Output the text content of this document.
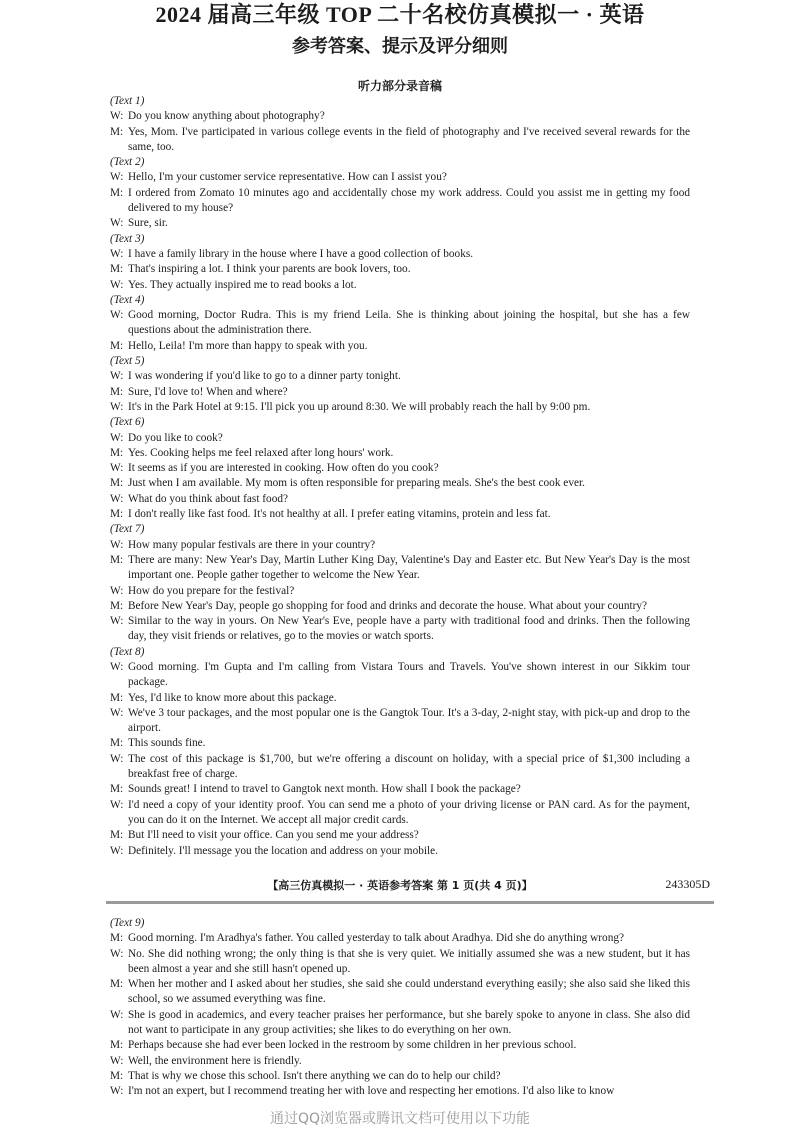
2024 届高三年级 TOP 二十名校仿真模拟一 · 英语
参考答案、提示及评分细则
听力部分录音稿
(Text 1)
W: Do you know anything about photography?
M: Yes, Mom. I've participated in various college events in the field of photography and I've received several rewards for the same, too.
(Text 2)
W: Hello, I'm your customer service representative. How can I assist you?
M: I ordered from Zomato 10 minutes ago and accidentally chose my work address. Could you assist me in getting my food delivered to my house?
W: Sure, sir.
(Text 3)
W: I have a family library in the house where I have a good collection of books.
M: That's inspiring a lot. I think your parents are book lovers, too.
W: Yes. They actually inspired me to read books a lot.
(Text 4)
W: Good morning, Doctor Rudra. This is my friend Leila. She is thinking about joining the hospital, but she has a few questions about the administration there.
M: Hello, Leila! I'm more than happy to speak with you.
(Text 5)
W: I was wondering if you'd like to go to a dinner party tonight.
M: Sure, I'd love to! When and where?
W: It's in the Park Hotel at 9:15. I'll pick you up around 8:30. We will probably reach the hall by 9:00 pm.
(Text 6)
W: Do you like to cook?
M: Yes. Cooking helps me feel relaxed after long hours' work.
W: It seems as if you are interested in cooking. How often do you cook?
M: Just when I am available. My mom is often responsible for preparing meals. She's the best cook ever.
W: What do you think about fast food?
M: I don't really like fast food. It's not healthy at all. I prefer eating vitamins, protein and less fat.
(Text 7)
W: How many popular festivals are there in your country?
M: There are many: New Year's Day, Martin Luther King Day, Valentine's Day and Easter etc. But New Year's Day is the most important one. People gather together to welcome the New Year.
W: How do you prepare for the festival?
M: Before New Year's Day, people go shopping for food and drinks and decorate the house. What about your country?
W: Similar to the way in yours. On New Year's Eve, people have a party with traditional food and drinks. Then the following day, they visit friends or relatives, go to the movies or watch sports.
(Text 8)
W: Good morning. I'm Gupta and I'm calling from Vistara Tours and Travels. You've shown interest in our Sikkim tour package.
M: Yes, I'd like to know more about this package.
W: We've 3 tour packages, and the most popular one is the Gangtok Tour. It's a 3-day, 2-night stay, with pick-up and drop to the airport.
M: This sounds fine.
W: The cost of this package is $1,700, but we're offering a discount on holiday, with a special price of $1,300 including a breakfast free of charge.
M: Sounds great! I intend to travel to Gangtok next month. How shall I book the package?
W: I'd need a copy of your identity proof. You can send me a photo of your driving license or PAN card. As for the payment, you can do it on the Internet. We accept all major credit cards.
M: But I'll need to visit your office. Can you send me your address?
W: Definitely. I'll message you the location and address on your mobile.
【高三仿真模拟一 · 英语参考答案 第 1 页(共 4 页)】	243305D
(Text 9)
M: Good morning. I'm Aradhya's father. You called yesterday to talk about Aradhya. Did she do anything wrong?
W: No. She did nothing wrong; the only thing is that she is very quiet. We initially assumed she was a new student, but it has been almost a year and she still hasn't opened up.
M: When her mother and I asked about her studies, she said she could understand everything easily; she also said she liked this school, so we assumed everything was fine.
W: She is good in academics, and every teacher praises her performance, but she barely spoke to anyone in class. She also did not want to participate in any group activities; she likes to do everything on her own.
M: Perhaps because she had ever been locked in the restroom by some children in her previous school.
W: Well, the environment here is friendly.
M: That is why we chose this school. Isn't there anything we can do to help our child?
W: I'm not an expert, but I recommend treating her with love and respecting her emotions. I'd also like to know
通过QQ浏览器或腾讯文档可使用以下功能
